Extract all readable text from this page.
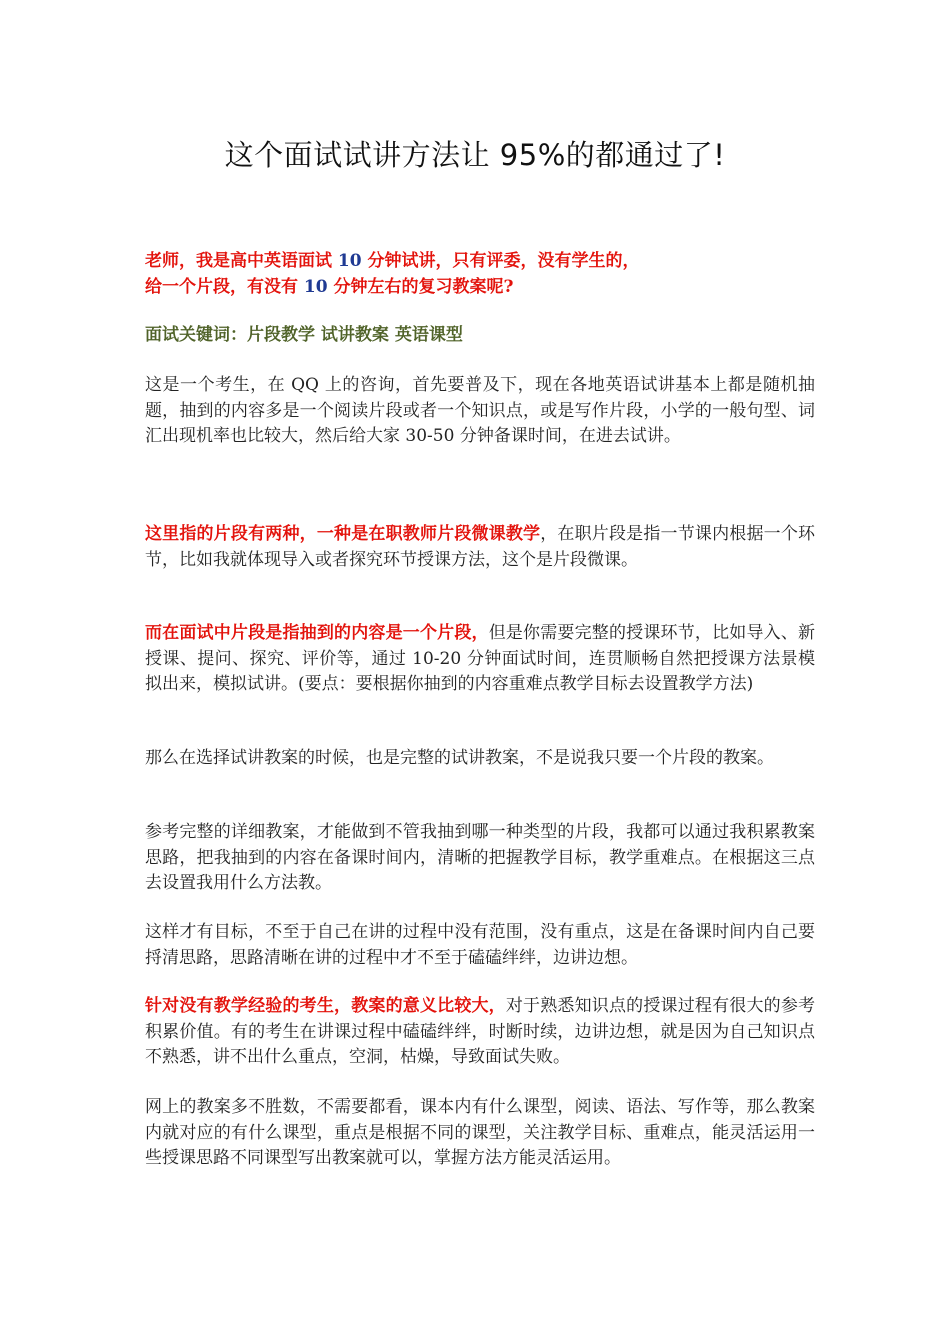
这个面试试讲方法让 95%的都通过了!
老师，我是高中英语面试 10 分钟试讲，只有评委，没有学生的，
给一个片段，有没有 10 分钟左右的复习教案呢?
面试关键词：片段教学 试讲教案 英语课型
这是一个考生，在 QQ 上的咨询，首先要普及下，现在各地英语试讲基本上都是随机抽题，抽到的内容多是一个阅读片段或者一个知识点，或是写作片段，小学的一般句型、词汇出现机率也比较大，然后给大家 30-50 分钟备课时间，在进去试讲。
这里指的片段有两种，一种是在职教师片段微课教学，在职片段是指一节课内根据一个环节，比如我就体现导入或者探究环节授课方法，这个是片段微课。
而在面试中片段是指抽到的内容是一个片段，但是你需要完整的授课环节，比如导入、新授课、提问、探究、评价等，通过 10-20 分钟面试时间，连贯顺畅自然把授课方法景模拟出来，模拟试讲。(要点：要根据你抽到的内容重难点教学目标去设置教学方法)
那么在选择试讲教案的时候，也是完整的试讲教案，不是说我只要一个片段的教案。
参考完整的详细教案，才能做到不管我抽到哪一种类型的片段，我都可以通过我积累教案思路，把我抽到的内容在备课时间内，清晰的把握教学目标，教学重难点。在根据这三点去设置我用什么方法教。
这样才有目标，不至于自己在讲的过程中没有范围，没有重点，这是在备课时间内自己要捋清思路，思路清晰在讲的过程中才不至于磕磕绊绊，边讲边想。
针对没有教学经验的考生，教案的意义比较大，对于熟悉知识点的授课过程有很大的参考积累价值。有的考生在讲课过程中磕磕绊绊，时断时续，边讲边想，就是因为自己知识点不熟悉，讲不出什么重点，空洞，枯燥，导致面试失败。
网上的教案多不胜数，不需要都看，课本内有什么课型，阅读、语法、写作等，那么教案内就对应的有什么课型，重点是根据不同的课型，关注教学目标、重难点，能灵活运用一些授课思路不同课型写出教案就可以，掌握方法方能灵活运用。
